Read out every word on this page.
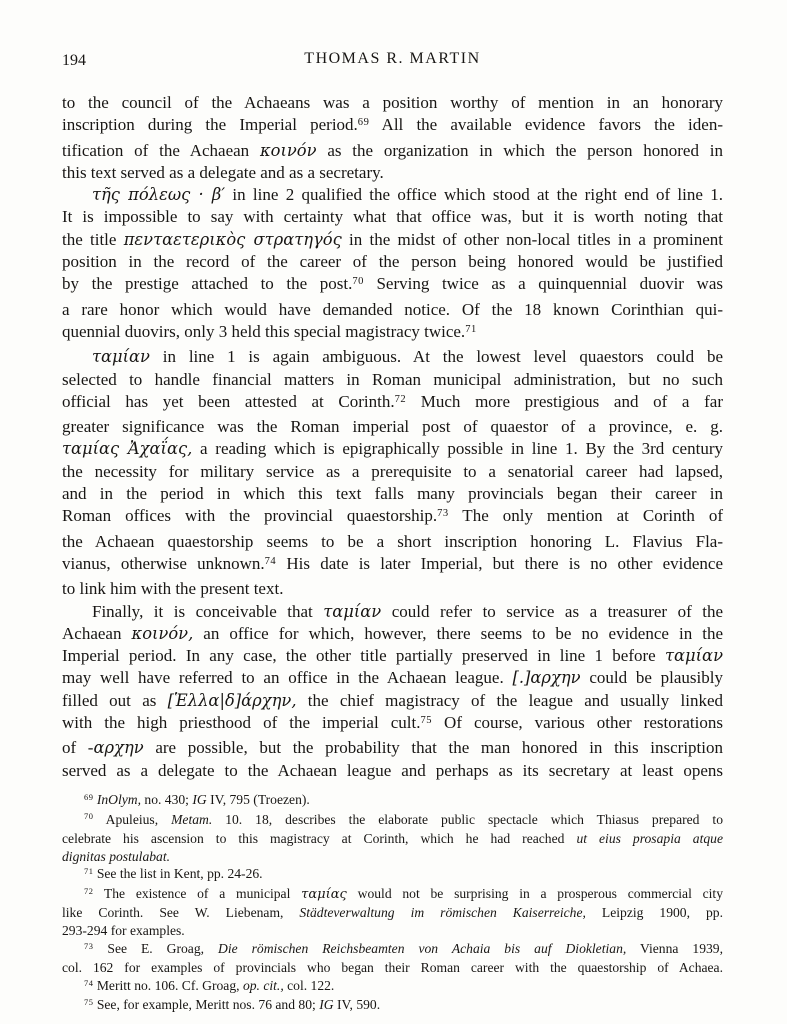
194	THOMAS R. MARTIN
to the council of the Achaeans was a position worthy of mention in an honorary
inscription during the Imperial period.$^{69}$ All the available evidence favors the iden-
tification of the Achaean κοινόν as the organization in which the person honored in
this text served as a delegate and as a secretary.
τῆς πόλεως · β′ in line 2 qualified the office which stood at the right end of line 1.
It is impossible to say with certainty what that office was, but it is worth noting that
the title πενταετερικὸς στρατηγός in the midst of other non-local titles in a prominent
position in the record of the career of the person being honored would be justified
by the prestige attached to the post.$^{70}$ Serving twice as a quinquennial duovir was
a rare honor which would have demanded notice. Of the 18 known Corinthian qui-
quennial duovirs, only 3 held this special magistracy twice.$^{71}$
ταμίαν in line 1 is again ambiguous. At the lowest level quaestors could be
selected to handle financial matters in Roman municipal administration, but no such
official has yet been attested at Corinth.$^{72}$ Much more prestigious and of a far
greater significance was the Roman imperial post of quaestor of a province, e. g.
ταμίας Ἀχαΐας, a reading which is epigraphically possible in line 1. By the 3rd century
the necessity for military service as a prerequisite to a senatorial career had lapsed,
and in the period in which this text falls many provincials began their career in
Roman offices with the provincial quaestorship.$^{73}$ The only mention at Corinth of
the Achaean quaestorship seems to be a short inscription honoring L. Flavius Fla-
vianus, otherwise unknown.$^{74}$ His date is later Imperial, but there is no other evidence
to link him with the present text.
Finally, it is conceivable that ταμίαν could refer to service as a treasurer of the
Achaean κοινόν, an office for which, however, there seems to be no evidence in the
Imperial period. In any case, the other title partially preserved in line 1 before ταμίαν
may well have referred to an office in the Achaean league. [.]αρχην could be plausibly
filled out as [Ἑλλα|δ]άρχην, the chief magistracy of the league and usually linked
with the high priesthood of the imperial cult.$^{75}$ Of course, various other restorations
of -αρχην are possible, but the probability that the man honored in this inscription
served as a delegate to the Achaean league and perhaps as its secretary at least opens
$^{69}$ InOlym, no. 430; IG IV, 795 (Troezen).
$^{70}$ Apuleius, Metam. 10. 18, describes the elaborate public spectacle which Thiasus prepared to
celebrate his ascension to this magistracy at Corinth, which he had reached ut eius prosapia atque
dignitas postulabat.
$^{71}$ See the list in Kent, pp. 24-26.
$^{72}$ The existence of a municipal ταμίας would not be surprising in a prosperous commercial city
like Corinth. See W. Liebenam, Städteverwaltung im römischen Kaiserreiche, Leipzig 1900, pp.
293-294 for examples.
$^{73}$ See E. Groag, Die römischen Reichsbeamten von Achaia bis auf Diokletian, Vienna 1939,
col. 162 for examples of provincials who began their Roman career with the quaestorship of Achaea.
$^{74}$ Meritt no. 106. Cf. Groag, op. cit., col. 122.
$^{75}$ See, for example, Meritt nos. 76 and 80; IG IV, 590.
